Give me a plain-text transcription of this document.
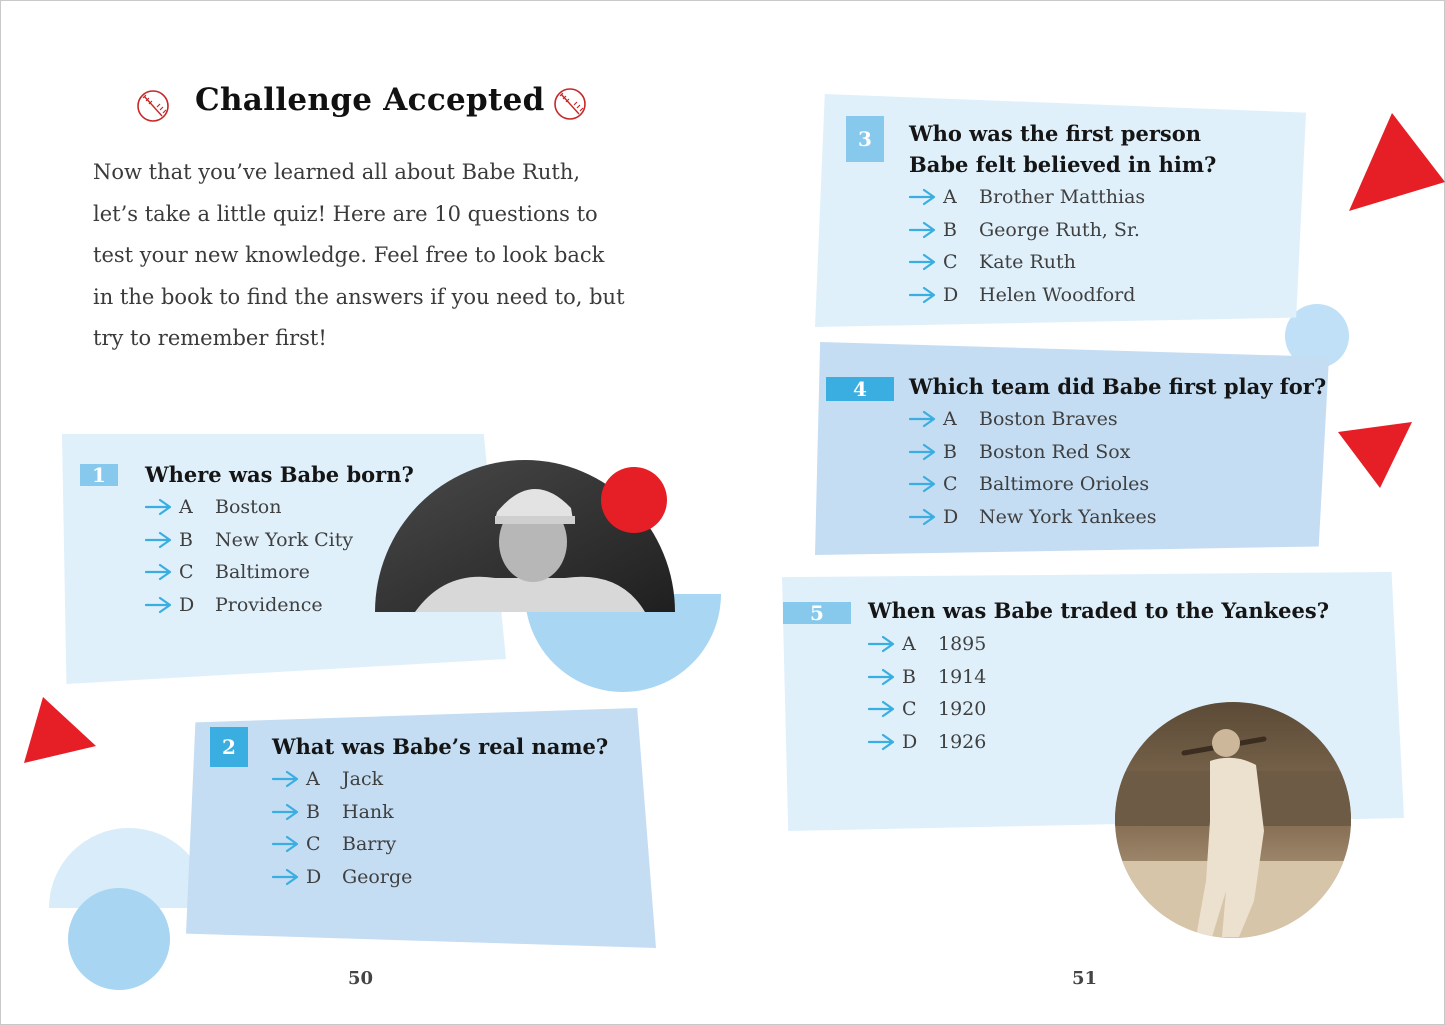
Challenge Accepted
Now that you’ve learned all about Babe Ruth,
let’s take a little quiz! Here are 10 questions to
test your new knowledge. Feel free to look back
in the book to find the answers if you need to, but
try to remember first!
1	Where was Babe born?
A	Boston
B	New York City
C	Baltimore
D	Providence
2	What was Babe’s real name?
A	Jack
B	Hank
C	Barry
D	George
3	Who was the first person
Babe felt believed in him?
A	Brother Matthias
B	George Ruth, Sr.
C	Kate Ruth
D	Helen Woodford
4	Which team did Babe first play for?
A	Boston Braves
B	Boston Red Sox
C	Baltimore Orioles
D	New York Yankees
5	When was Babe traded to the Yankees?
A	1895
B	1914
C	1920
D	1926
50	51
